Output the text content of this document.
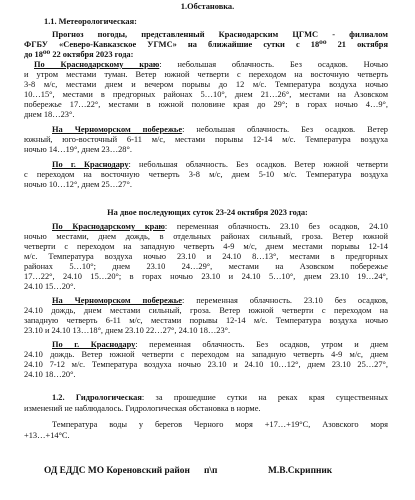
1.Обстановка.
1.1. Метеорологическая:
Прогноз погоды, представленный Краснодарским ЦГМС - филиалом
ФГБУ «Северо-Кавказское УГМС» на ближайшие сутки с 18⁰⁰ 21 октября
до 18⁰⁰ 22 октября 2023 года:
По Краснодарскому краю: небольшая облачность. Без осадков. Ночью
и утром местами туман. Ветер южной четверти с переходом на восточную четверть
3-8 м/с, местами днем и вечером порывы до 12 м/с. Температура воздуха ночью
10…15°, местами в предгорных районах 5…10°, днем 21…26°, местами на Азовском
побережье 17…22°, местами в южной половине края до 29°; в горах ночью 4…9°,
днем 18…23°.
На Черноморском побережье: небольшая облачность. Без осадков. Ветер
южный, юго-восточный 6-11 м/с, местами порывы 12-14 м/с. Температура воздуха
ночью 14…19°, днем 23…28°.
По г. Краснодару: небольшая облачность. Без осадков. Ветер южной четверти
с переходом на восточную четверть 3-8 м/с, днем 5-10 м/с. Температура воздуха
ночью 10…12°, днем 25…27°.
На двое последующих суток 23-24 октября 2023 года:
По Краснодарскому краю: переменная облачность. 23.10 без осадков, 24.10
ночью местами, днем дождь, в отдельных районах сильный, гроза. Ветер южной
четверти с переходом на западную четверть 4-9 м/с, днем местами порывы 12-14
м/с. Температура воздуха ночью 23.10 и 24.10 8…13°, местами в предгорных
районах 5…10°; днем 23.10 24…29°, местами на Азовском побережье
17…22°, 24.10 15…20°; в горах ночью 23.10 и 24.10 5…10°, днем 23.10 19…24°,
24.10 15…20°.
На Черноморском побережье: переменная облачность. 23.10 без осадков,
24.10 дождь, днем местами сильный, гроза. Ветер южной четверти с переходом на
западную четверть 6-11 м/с, местами порывы 12-14 м/с. Температура воздуха ночью
23.10 и 24.10 13…18°, днем 23.10 22…27°, 24.10 18…23°.
По г. Краснодару: переменная облачность. Без осадков, утром и днем
24.10 дождь. Ветер южной четверти с переходом на западную четверть 4-9 м/с, днем
24.10 7-12 м/с. Температура воздуха ночью 23.10 и 24.10 10…12°, днем 23.10 25…27°,
24.10 18…20°.
1.2. Гидрологическая: за прошедшие сутки на реках края существенных
изменений не наблюдалось. Гидрологическая обстановка в норме.
Температура воды у берегов Черного моря +17…+19°C, Азовского моря
+13…+14°C.
ОД ЕДДС МО Кореновский район п\п	М.В.Скрипник
